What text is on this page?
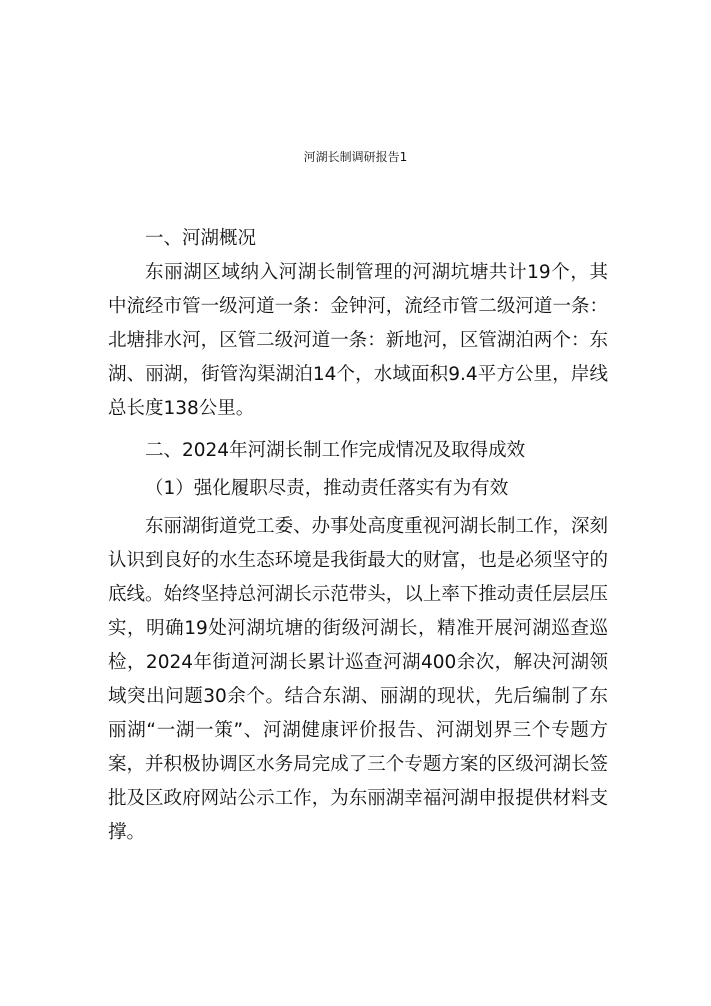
河湖长制调研报告1

一、河湖概况

东丽湖区域纳入河湖长制管理的河湖坑塘共计19个，其中流经市管一级河道一条：金钟河，流经市管二级河道一条：北塘排水河，区管二级河道一条：新地河，区管湖泊两个：东湖、丽湖，街管沟渠湖泊14个，水域面积9.4平方公里，岸线总长度138公里。

二、2024年河湖长制工作完成情况及取得成效

（1）强化履职尽责，推动责任落实有为有效

东丽湖街道党工委、办事处高度重视河湖长制工作，深刻认识到良好的水生态环境是我街最大的财富，也是必须坚守的底线。始终坚持总河湖长示范带头，以上率下推动责任层层压实，明确19处河湖坑塘的街级河湖长，精准开展河湖巡查巡检，2024年街道河湖长累计巡查河湖400余次，解决河湖领域突出问题30余个。结合东湖、丽湖的现状，先后编制了东丽湖“一湖一策”、河湖健康评价报告、河湖划界三个专题方案，并积极协调区水务局完成了三个专题方案的区级河湖长签批及区政府网站公示工作，为东丽湖幸福河湖申报提供材料支撑。
